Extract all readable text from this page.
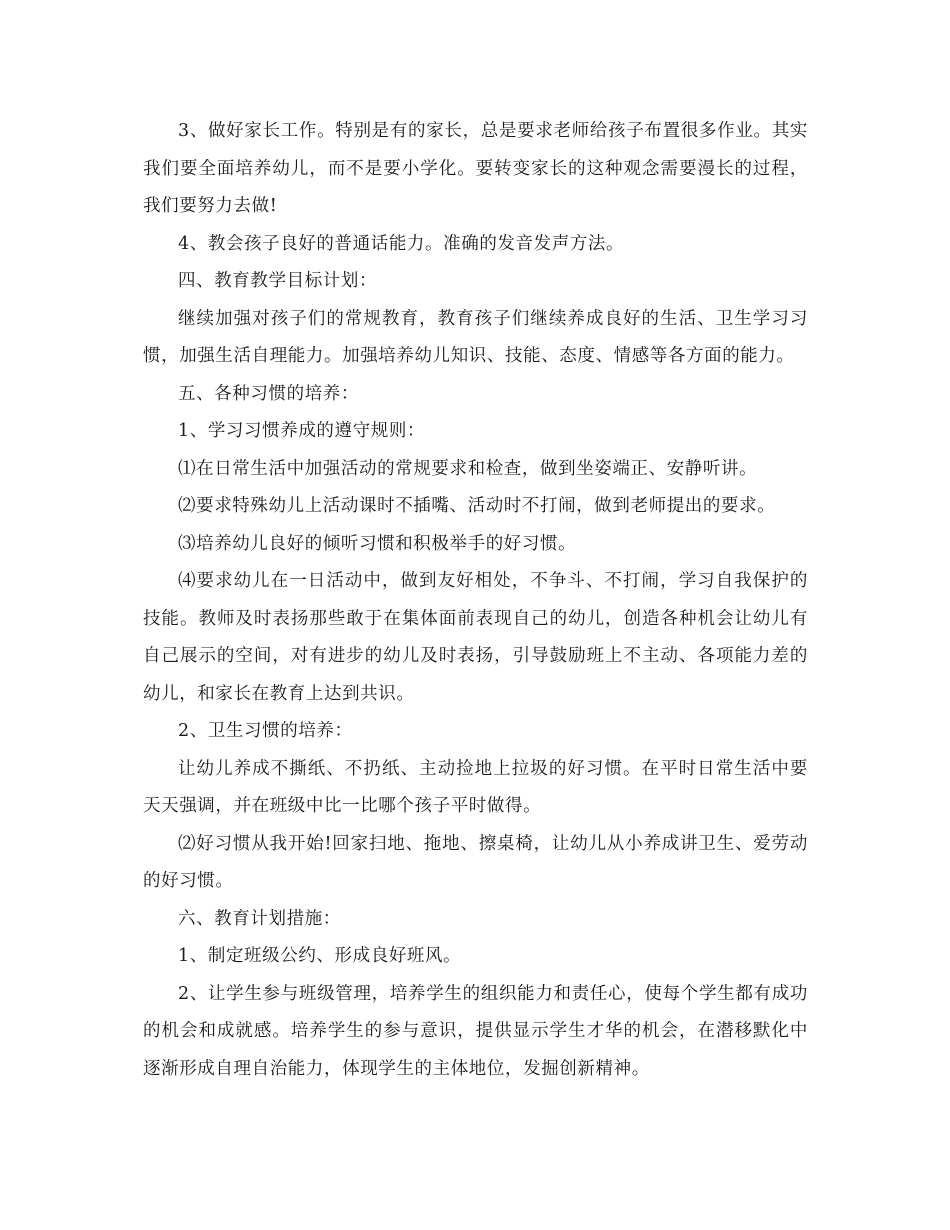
3、做好家长工作。特别是有的家长，总是要求老师给孩子布置很多作业。其实我们要全面培养幼儿，而不是要小学化。要转变家长的这种观念需要漫长的过程，我们要努力去做!

4、教会孩子良好的普通话能力。准确的发音发声方法。

四、教育教学目标计划：

继续加强对孩子们的常规教育，教育孩子们继续养成良好的生活、卫生学习习惯，加强生活自理能力。加强培养幼儿知识、技能、态度、情感等各方面的能力。

五、各种习惯的培养：

1、学习习惯养成的遵守规则：

⑴在日常生活中加强活动的常规要求和检查，做到坐姿端正、安静听讲。

⑵要求特殊幼儿上活动课时不插嘴、活动时不打闹，做到老师提出的要求。

⑶培养幼儿良好的倾听习惯和积极举手的好习惯。

⑷要求幼儿在一日活动中，做到友好相处，不争斗、不打闹，学习自我保护的技能。教师及时表扬那些敢于在集体面前表现自己的幼儿，创造各种机会让幼儿有自己展示的空间，对有进步的幼儿及时表扬，引导鼓励班上不主动、各项能力差的幼儿，和家长在教育上达到共识。

2、卫生习惯的培养：

让幼儿养成不撕纸、不扔纸、主动捡地上拉圾的好习惯。在平时日常生活中要天天强调，并在班级中比一比哪个孩子平时做得。

⑵好习惯从我开始!回家扫地、拖地、擦桌椅，让幼儿从小养成讲卫生、爱劳动的好习惯。

六、教育计划措施：

1、制定班级公约、形成良好班风。

2、让学生参与班级管理，培养学生的组织能力和责任心，使每个学生都有成功的机会和成就感。培养学生的参与意识，提供显示学生才华的机会，在潜移默化中逐渐形成自理自治能力，体现学生的主体地位，发掘创新精神。
